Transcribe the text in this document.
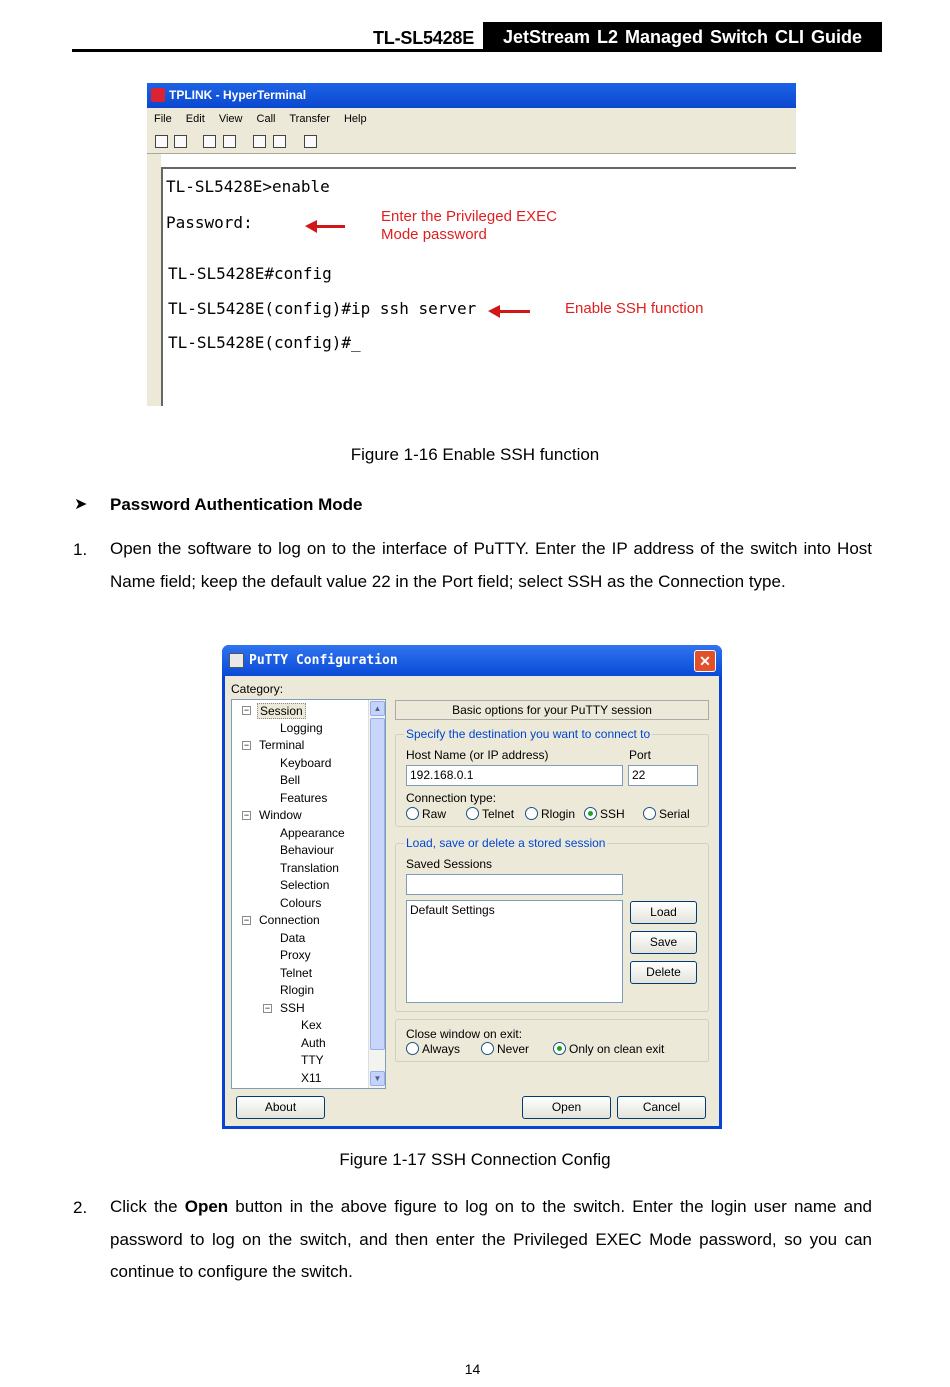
TL-SL5428E	JetStream L2 Managed Switch CLI Guide
TPLINK - HyperTerminal
File Edit View Call Transfer Help
TL-SL5428E>enable
Password:
TL-SL5428E#config
TL-SL5428E(config)#ip ssh server
TL-SL5428E(config)#_
Enter the Privileged EXEC
Mode password
Enable SSH function
Figure 1-16 Enable SSH function
➤ Password Authentication Mode
1. Open the software to log on to the interface of PuTTY. Enter the IP address of the switch into Host Name field; keep the default value 22 in the Port field; select SSH as the Connection type.
PuTTY Configuration	✕
Category:
− Session
Logging
− Terminal
Keyboard
Bell
Features
− Window
Appearance
Behaviour
Translation
Selection
Colours
− Connection
Data
Proxy
Telnet
Rlogin
− SSH
Kex
Auth
TTY
X11
▲
▼
Basic options for your PuTTY session
Specify the destination you want to connect to
Host Name (or IP address)	Port
192.168.0.1	22
Connection type:
Raw	Telnet	Rlogin	SSH	Serial
Load, save or delete a stored session
Saved Sessions
Default Settings	Load
Save
Delete
Close window on exit:
Always	Never	Only on clean exit
About	Open	Cancel
Figure 1-17 SSH Connection Config
2. Click the Open button in the above figure to log on to the switch. Enter the login user name and password to log on the switch, and then enter the Privileged EXEC Mode password, so you can continue to configure the switch.
14
